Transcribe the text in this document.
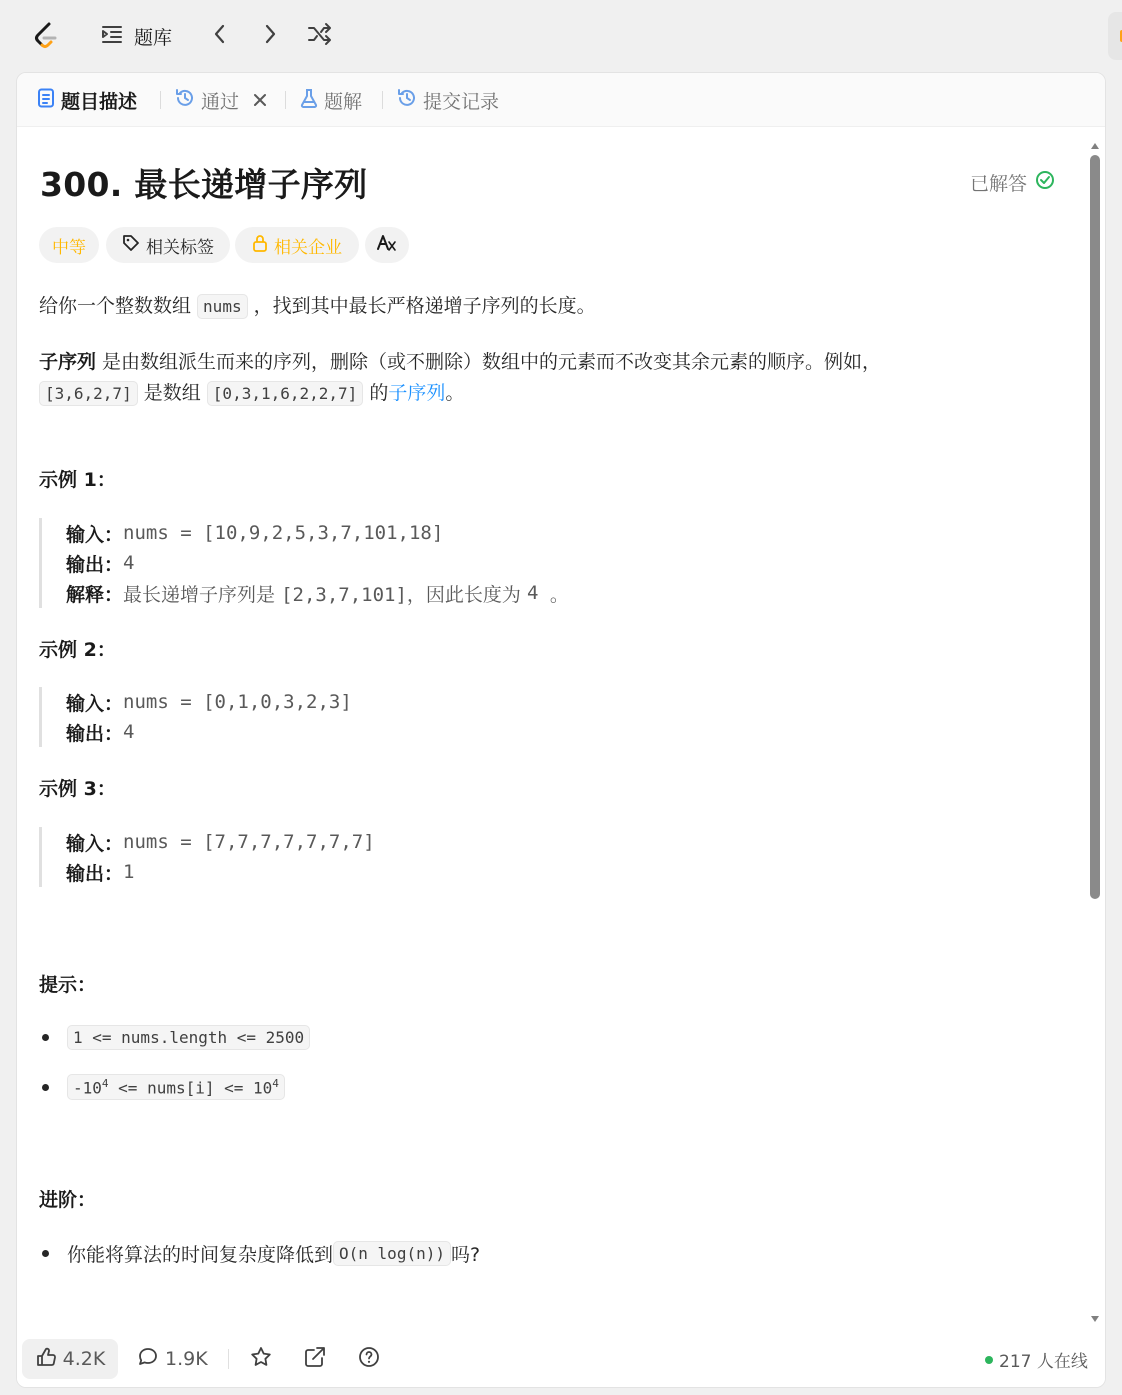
题库
题目描述	通过	题解	提交记录
300. 最长递增子序列	已解答
中等	相关标签	相关企业
给你一个整数数组 nums ，找到其中最长严格递增子序列的长度。
子序列 是由数组派生而来的序列，删除（或不删除）数组中的元素而不改变其余元素的顺序。例如，
[3,6,2,7] 是数组 [0,3,1,6,2,2,7] 的子序列。
示例 1：
输入： nums = [10,9,2,5,3,7,101,18]
输出： 4
解释： 最长递增子序列是 [2,3,7,101]， 因此长度为 4 。
示例 2：
输入： nums = [0,1,0,3,2,3]
输出： 4
示例 3：
输入： nums = [7,7,7,7,7,7,7]
输出： 1
提示：
1 <= nums.length <= 2500
$-10^4$ <= nums[i] <= $10^4$
进阶：
你能将算法的时间复杂度降低到 O(n log(n)) 吗?
4.2K	1.9K	217 人在线
